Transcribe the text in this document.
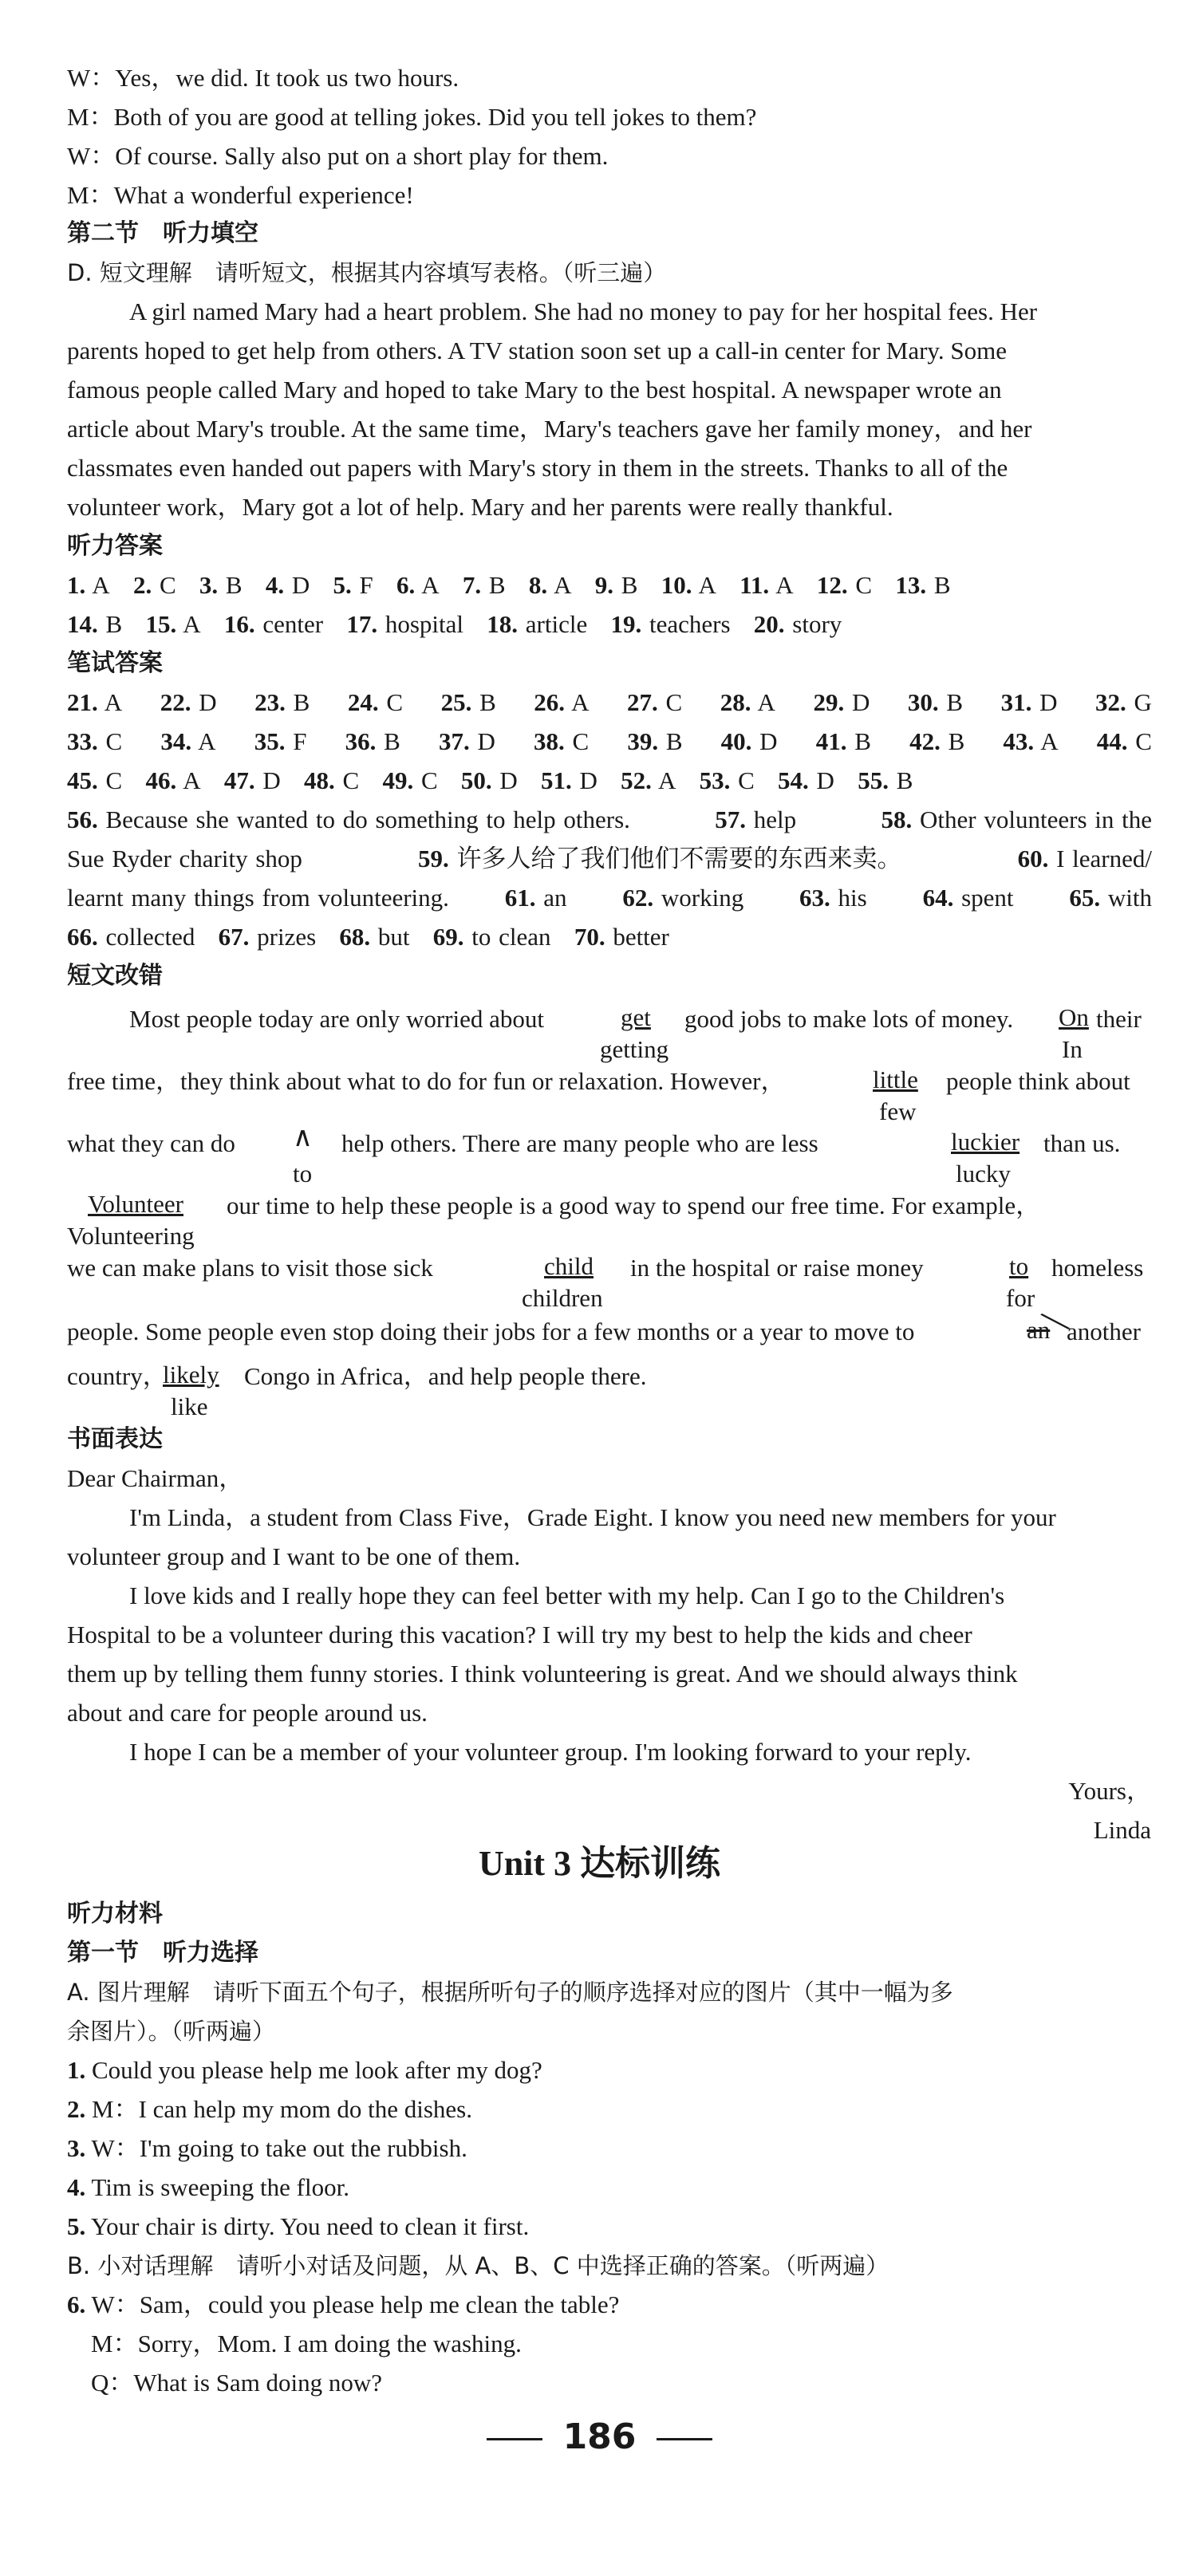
W：Yes，we did. It took us two hours.
M：Both of you are good at telling jokes. Did you tell jokes to them?
W：Of course. Sally also put on a short play for them.
M：What a wonderful experience!
第二节　听力填空
D. 短文理解　请听短文，根据其内容填写表格。（听三遍）
A girl named Mary had a heart problem. She had no money to pay for her hospital fees. Her
parents hoped to get help from others. A TV station soon set up a call-in center for Mary. Some
famous people called Mary and hoped to take Mary to the best hospital. A newspaper wrote an
article about Mary's trouble. At the same time，Mary's teachers gave her family money，and her
classmates even handed out papers with Mary's story in them in the streets. Thanks to all of the
volunteer work，Mary got a lot of help. Mary and her parents were really thankful.
听力答案
1. A 2. C 3. B 4. D 5. F 6. A 7. B 8. A 9. B 10. A 11. A 12. C 13. B
14. B 15. A 16. center 17. hospital 18. article 19. teachers 20. story
笔试答案
21. A 22. D 23. B 24. C 25. B 26. A 27. C 28. A 29. D 30. B 31. D 32. G
33. C 34. A 35. F 36. B 37. D 38. C 39. B 40. D 41. B 42. B 43. A 44. C
45. C 46. A 47. D 48. C 49. C 50. D 51. D 52. A 53. C 54. D 55. B
56. Because she wanted to do something to help others.	57. help	58. Other volunteers in the
Sue Ryder charity shop	59. 许多人给了我们他们不需要的东西来卖。	60. I learned/
learnt many things from volunteering. 61. an 62. working 63. his 64. spent 65. with
66. collected 67. prizes 68. but 69. to clean 70. better
短文改错
Most people today are only worried about	get
getting
good jobs to make lots of money.	On
In
their
free time，they think about what to do for fun or relaxation. However，	little
few
people think about
what they can do	∧
to
help others. There are many people who are less	luckier
lucky
than us.
Volunteer our time to help these people is a good way to spend our free time. For example，
Volunteering
we can make plans to visit those sick	child
children
in the hospital or raise money	to
for
homeless
people. Some people even stop doing their jobs for a few months or a year to move to	an
╲
another
country，
likely
like
Congo in Africa，and help people there.
书面表达
Dear Chairman，
I'm Linda，a student from Class Five，Grade Eight. I know you need new members for your
volunteer group and I want to be one of them.
I love kids and I really hope they can feel better with my help. Can I go to the Children's
Hospital to be a volunteer during this vacation? I will try my best to help the kids and cheer
them up by telling them funny stories. I think volunteering is great. And we should always think
about and care for people around us.
I hope I can be a member of your volunteer group. I'm looking forward to your reply.
Yours，
Linda
Unit 3 达标训练
听力材料
第一节　听力选择
A. 图片理解　请听下面五个句子，根据所听句子的顺序选择对应的图片（其中一幅为多
余图片）。（听两遍）
1. Could you please help me look after my dog?
2. M：I can help my mom do the dishes.
3. W：I'm going to take out the rubbish.
4. Tim is sweeping the floor.
5. Your chair is dirty. You need to clean it first.
B. 小对话理解　请听小对话及问题，从 A、B、C 中选择正确的答案。（听两遍）
6. W：Sam，could you please help me clean the table?
M：Sorry，Mom. I am doing the washing.
Q：What is Sam doing now?
186
